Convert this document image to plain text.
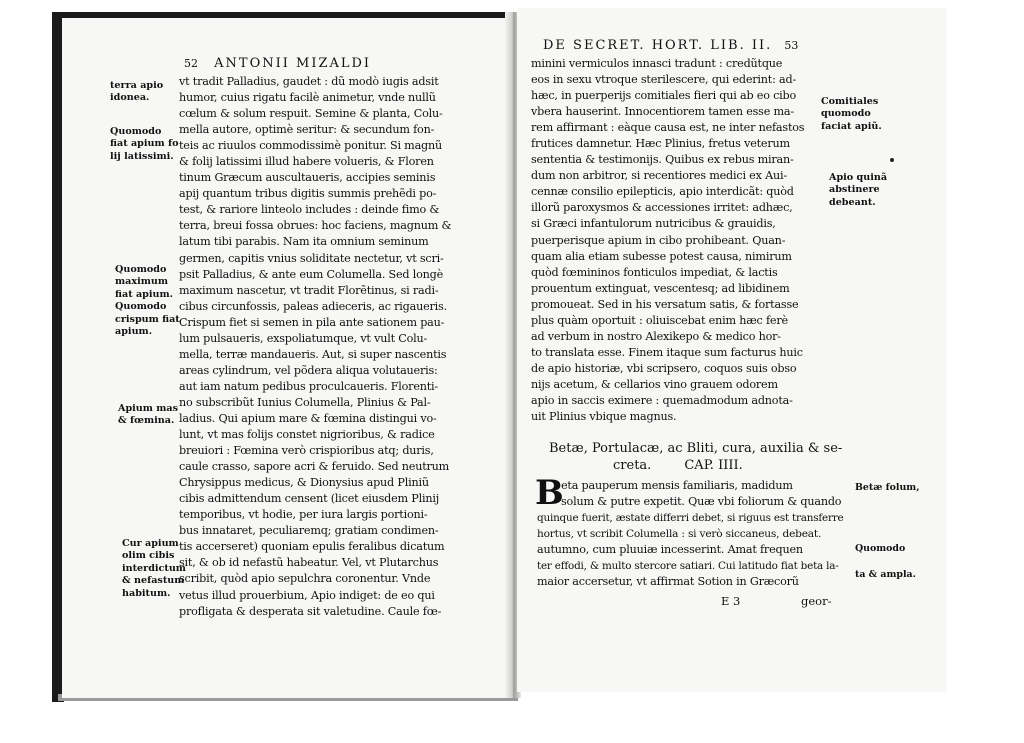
52 ANTONII MIZALDI
terra apio
idonea.
Quomodo
fiat apium fo
lij latissimi.
Quomodo
maximum
fiat apium.
Quomodo
crispum fiat
apium.
Apium mas
& fœmina.
Cur apium
olim cibis
interdictum
& nefastum
habitum.
vt tradit Palladius, gaudet : dũ modò iugis adsit
humor, cuius rigatu facilè animetur, vnde nullũ
cœlum & solum respuit. Semine & planta, Colu-
mella autore, optimè seritur: & secundum fon-
teis ac riuulos commodissimè ponitur. Si magnũ
& folij latissimi illud habere volueris, & Floren
tinum Græcum auscultaueris, accipies seminis
apij quantum tribus digitis summis prehẽdi po-
test, & rariore linteolo includes : deinde fimo &
terra, breui fossa obrues: hoc faciens, magnum &
latum tibi parabis. Nam ita omnium seminum
germen, capitis vnius soliditate nectetur, vt scri-
psit Palladius, & ante eum Columella. Sed longè
maximum nascetur, vt tradit Florẽtinus, si radi-
cibus circunfossis, paleas adieceris, ac rigaueris.
Crispum fiet si semen in pila ante sationem pau-
lum pulsaueris, exspoliatumque, vt vult Colu-
mella, terræ mandaueris. Aut, si super nascentis
areas cylindrum, vel põdera aliqua volutaueris:
aut iam natum pedibus proculcaueris. Florenti-
no subscribũt Iunius Columella, Plinius & Pal-
ladius. Qui apium mare & fœmina distingui vo-
lunt, vt mas folijs constet nigrioribus, & radice
breuiori : Fœmina verò crispioribus atq; duris,
caule crasso, sapore acri & feruido. Sed neutrum
Chrysippus medicus, & Dionysius apud Pliniũ
cibis admittendum censent (licet eiusdem Plinij
temporibus, vt hodie, per iura largis portioni-
bus innataret, peculiaremq; gratiam condimen-
tis accerseret) quoniam epulis feralibus dicatum
sit, & ob id nefastũ habeatur. Vel, vt Plutarchus
scribit, quòd apio sepulchra coronentur. Vnde
vetus illud prouerbium, Apio indiget: de eo qui
profligata & desperata sit valetudine. Caule fœ-
DE SECRET. HORT. LIB. II. 53
minini vermiculos innasci tradunt : credũtque
eos in sexu vtroque sterilescere, qui ederint: ad-
hæc, in puerperijs comitiales fieri qui ab eo cibo
vbera hauserint. Innocentiorem tamen esse ma-
rem affirmant : eàque causa est, ne inter nefastos
frutices damnetur. Hæc Plinius, fretus veterum
sententia & testimonijs. Quibus ex rebus miran-
dum non arbitror, si recentiores medici ex Aui-
cennæ consilio epilepticis, apio interdicãt: quòd
illorũ paroxysmos & accessiones irritet: adhæc,
si Græci infantulorum nutricibus & grauidis,
puerperisque apium in cibo prohibeant. Quan-
quam alia etiam subesse potest causa, nimirum
quòd fœmininos fonticulos impediat, & lactis
prouentum extinguat, vescentesq; ad libidinem
promoueat. Sed in his versatum satis, & fortasse
plus quàm oportuit : oliuiscebat enim hæc ferè
ad verbum in nostro Alexikepo & medico hor-
to translata esse. Finem itaque sum facturus huic
de apio historiæ, vbi scripsero, coquos suis obso
nijs acetum, & cellarios vino grauem odorem
apio in saccis eximere : quemadmodum adnota-
uit Plinius vbique magnus.
Comitiales
quomodo
faciat apiũ.
Apio quinã
abstinere
debeant.
Betæ, Portulacæ, ac Bliti, cura, auxilia & se-
creta.        CAP. IIII.
B
eta pauperum mensis familiaris, madidum
solum & putre expetit. Quæ vbi foliorum & quando
quinque fuerit, æstate differri debet, si riguus est transferre
hortus, vt scribit Columella : si verò siccaneus, debeat.
autumno, cum pluuiæ incesserint. Amat frequen
ter effodi, & multo stercore satiari. Cui latitudo fiat beta la-
maior accersetur, vt affirmat Sotion in Græcorũ
Betæ folum,
Quomodo
ta & ampla.
E 3	geor-
